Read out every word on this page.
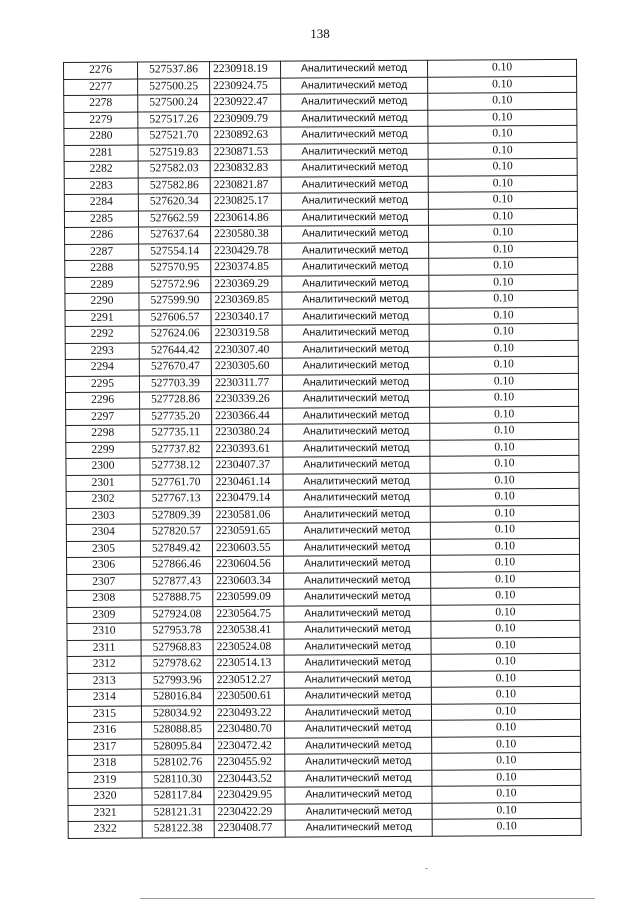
138
2276	527537.86	2230918.19	Аналитический метод	0.10
2277	527500.25	2230924.75	Аналитический метод	0.10
2278	527500.24	2230922.47	Аналитический метод	0.10
2279	527517.26	2230909.79	Аналитический метод	0.10
2280	527521.70	2230892.63	Аналитический метод	0.10
2281	527519.83	2230871.53	Аналитический метод	0.10
2282	527582.03	2230832.83	Аналитический метод	0.10
2283	527582.86	2230821.87	Аналитический метод	0.10
2284	527620.34	2230825.17	Аналитический метод	0.10
2285	527662.59	2230614.86	Аналитический метод	0.10
2286	527637.64	2230580.38	Аналитический метод	0.10
2287	527554.14	2230429.78	Аналитический метод	0.10
2288	527570.95	2230374.85	Аналитический метод	0.10
2289	527572.96	2230369.29	Аналитический метод	0.10
2290	527599.90	2230369.85	Аналитический метод	0.10
2291	527606.57	2230340.17	Аналитический метод	0.10
2292	527624.06	2230319.58	Аналитический метод	0.10
2293	527644.42	2230307.40	Аналитический метод	0.10
2294	527670.47	2230305.60	Аналитический метод	0.10
2295	527703.39	2230311.77	Аналитический метод	0.10
2296	527728.86	2230339.26	Аналитический метод	0.10
2297	527735.20	2230366.44	Аналитический метод	0.10
2298	527735.11	2230380.24	Аналитический метод	0.10
2299	527737.82	2230393.61	Аналитический метод	0.10
2300	527738.12	2230407.37	Аналитический метод	0.10
2301	527761.70	2230461.14	Аналитический метод	0.10
2302	527767.13	2230479.14	Аналитический метод	0.10
2303	527809.39	2230581.06	Аналитический метод	0.10
2304	527820.57	2230591.65	Аналитический метод	0.10
2305	527849.42	2230603.55	Аналитический метод	0.10
2306	527866.46	2230604.56	Аналитический метод	0.10
2307	527877.43	2230603.34	Аналитический метод	0.10
2308	527888.75	2230599.09	Аналитический метод	0.10
2309	527924.08	2230564.75	Аналитический метод	0.10
2310	527953.78	2230538.41	Аналитический метод	0.10
2311	527968.83	2230524.08	Аналитический метод	0.10
2312	527978.62	2230514.13	Аналитический метод	0.10
2313	527993.96	2230512.27	Аналитический метод	0.10
2314	528016.84	2230500.61	Аналитический метод	0.10
2315	528034.92	2230493.22	Аналитический метод	0.10
2316	528088.85	2230480.70	Аналитический метод	0.10
2317	528095.84	2230472.42	Аналитический метод	0.10
2318	528102.76	2230455.92	Аналитический метод	0.10
2319	528110.30	2230443.52	Аналитический метод	0.10
2320	528117.84	2230429.95	Аналитический метод	0.10
2321	528121.31	2230422.29	Аналитический метод	0.10
2322	528122.38	2230408.77	Аналитический метод	0.10
